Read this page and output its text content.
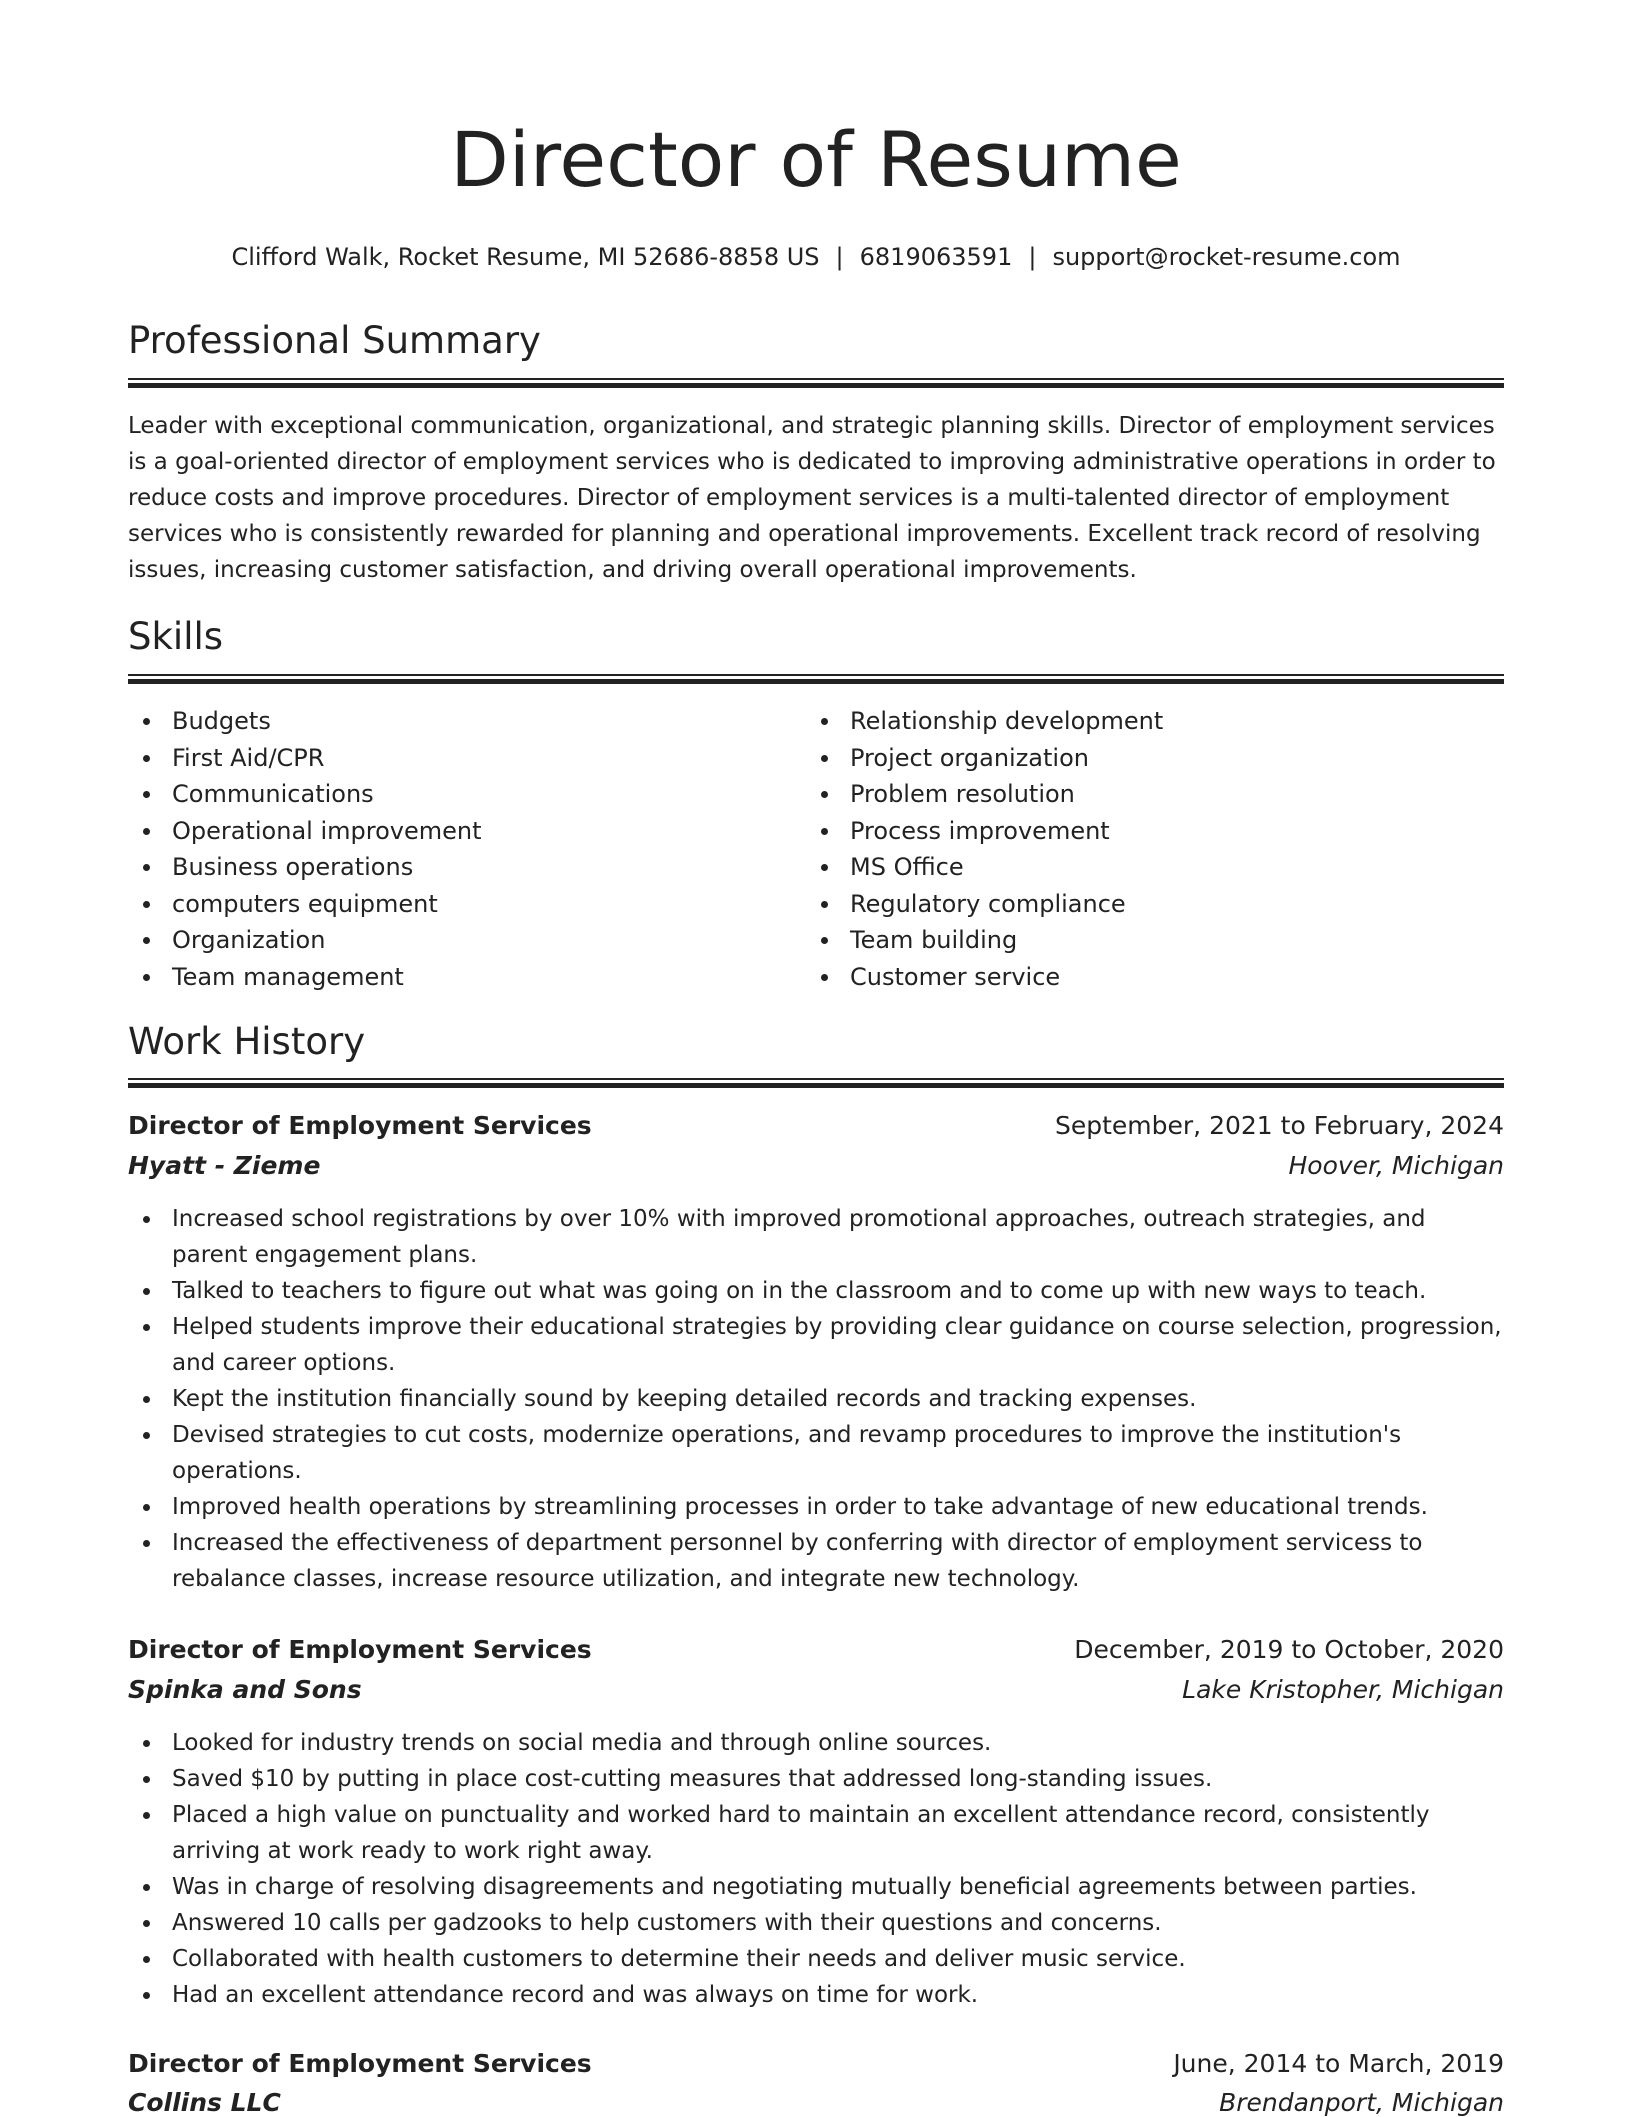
Director of Resume
Clifford Walk, Rocket Resume, MI 52686-8858 US | 6819063591 | support@rocket-resume.com
Professional Summary

Leader with exceptional communication, organizational, and strategic planning skills. Director of employment services is a goal-oriented director of employment services who is dedicated to improving administrative operations in order to reduce costs and improve procedures. Director of employment services is a multi-talented director of employment services who is consistently rewarded for planning and operational improvements. Excellent track record of resolving issues, increasing customer satisfaction, and driving overall operational improvements.

Skills
Budgets
First Aid/CPR
Communications
Operational improvement
Business operations
computers equipment
Organization
Team management
Relationship development
Project organization
Problem resolution
Process improvement
MS Office
Regulatory compliance
Team building
Customer service
Work History
Director of Employment Services	September, 2021 to February, 2024
Hyatt - Zieme	Hoover, Michigan
Increased school registrations by over 10% with improved promotional approaches, outreach strategies, and parent engagement plans.
Talked to teachers to figure out what was going on in the classroom and to come up with new ways to teach.
Helped students improve their educational strategies by providing clear guidance on course selection, progression, and career options.
Kept the institution financially sound by keeping detailed records and tracking expenses.
Devised strategies to cut costs, modernize operations, and revamp procedures to improve the institution's operations.
Improved health operations by streamlining processes in order to take advantage of new educational trends.
Increased the effectiveness of department personnel by conferring with director of employment servicess to rebalance classes, increase resource utilization, and integrate new technology.
Director of Employment Services	December, 2019 to October, 2020
Spinka and Sons	Lake Kristopher, Michigan
Looked for industry trends on social media and through online sources.
Saved $10 by putting in place cost-cutting measures that addressed long-standing issues.
Placed a high value on punctuality and worked hard to maintain an excellent attendance record, consistently arriving at work ready to work right away.
Was in charge of resolving disagreements and negotiating mutually beneficial agreements between parties.
Answered 10 calls per gadzooks to help customers with their questions and concerns.
Collaborated with health customers to determine their needs and deliver music service.
Had an excellent attendance record and was always on time for work.
Director of Employment Services	June, 2014 to March, 2019
Collins LLC	Brendanport, Michigan
